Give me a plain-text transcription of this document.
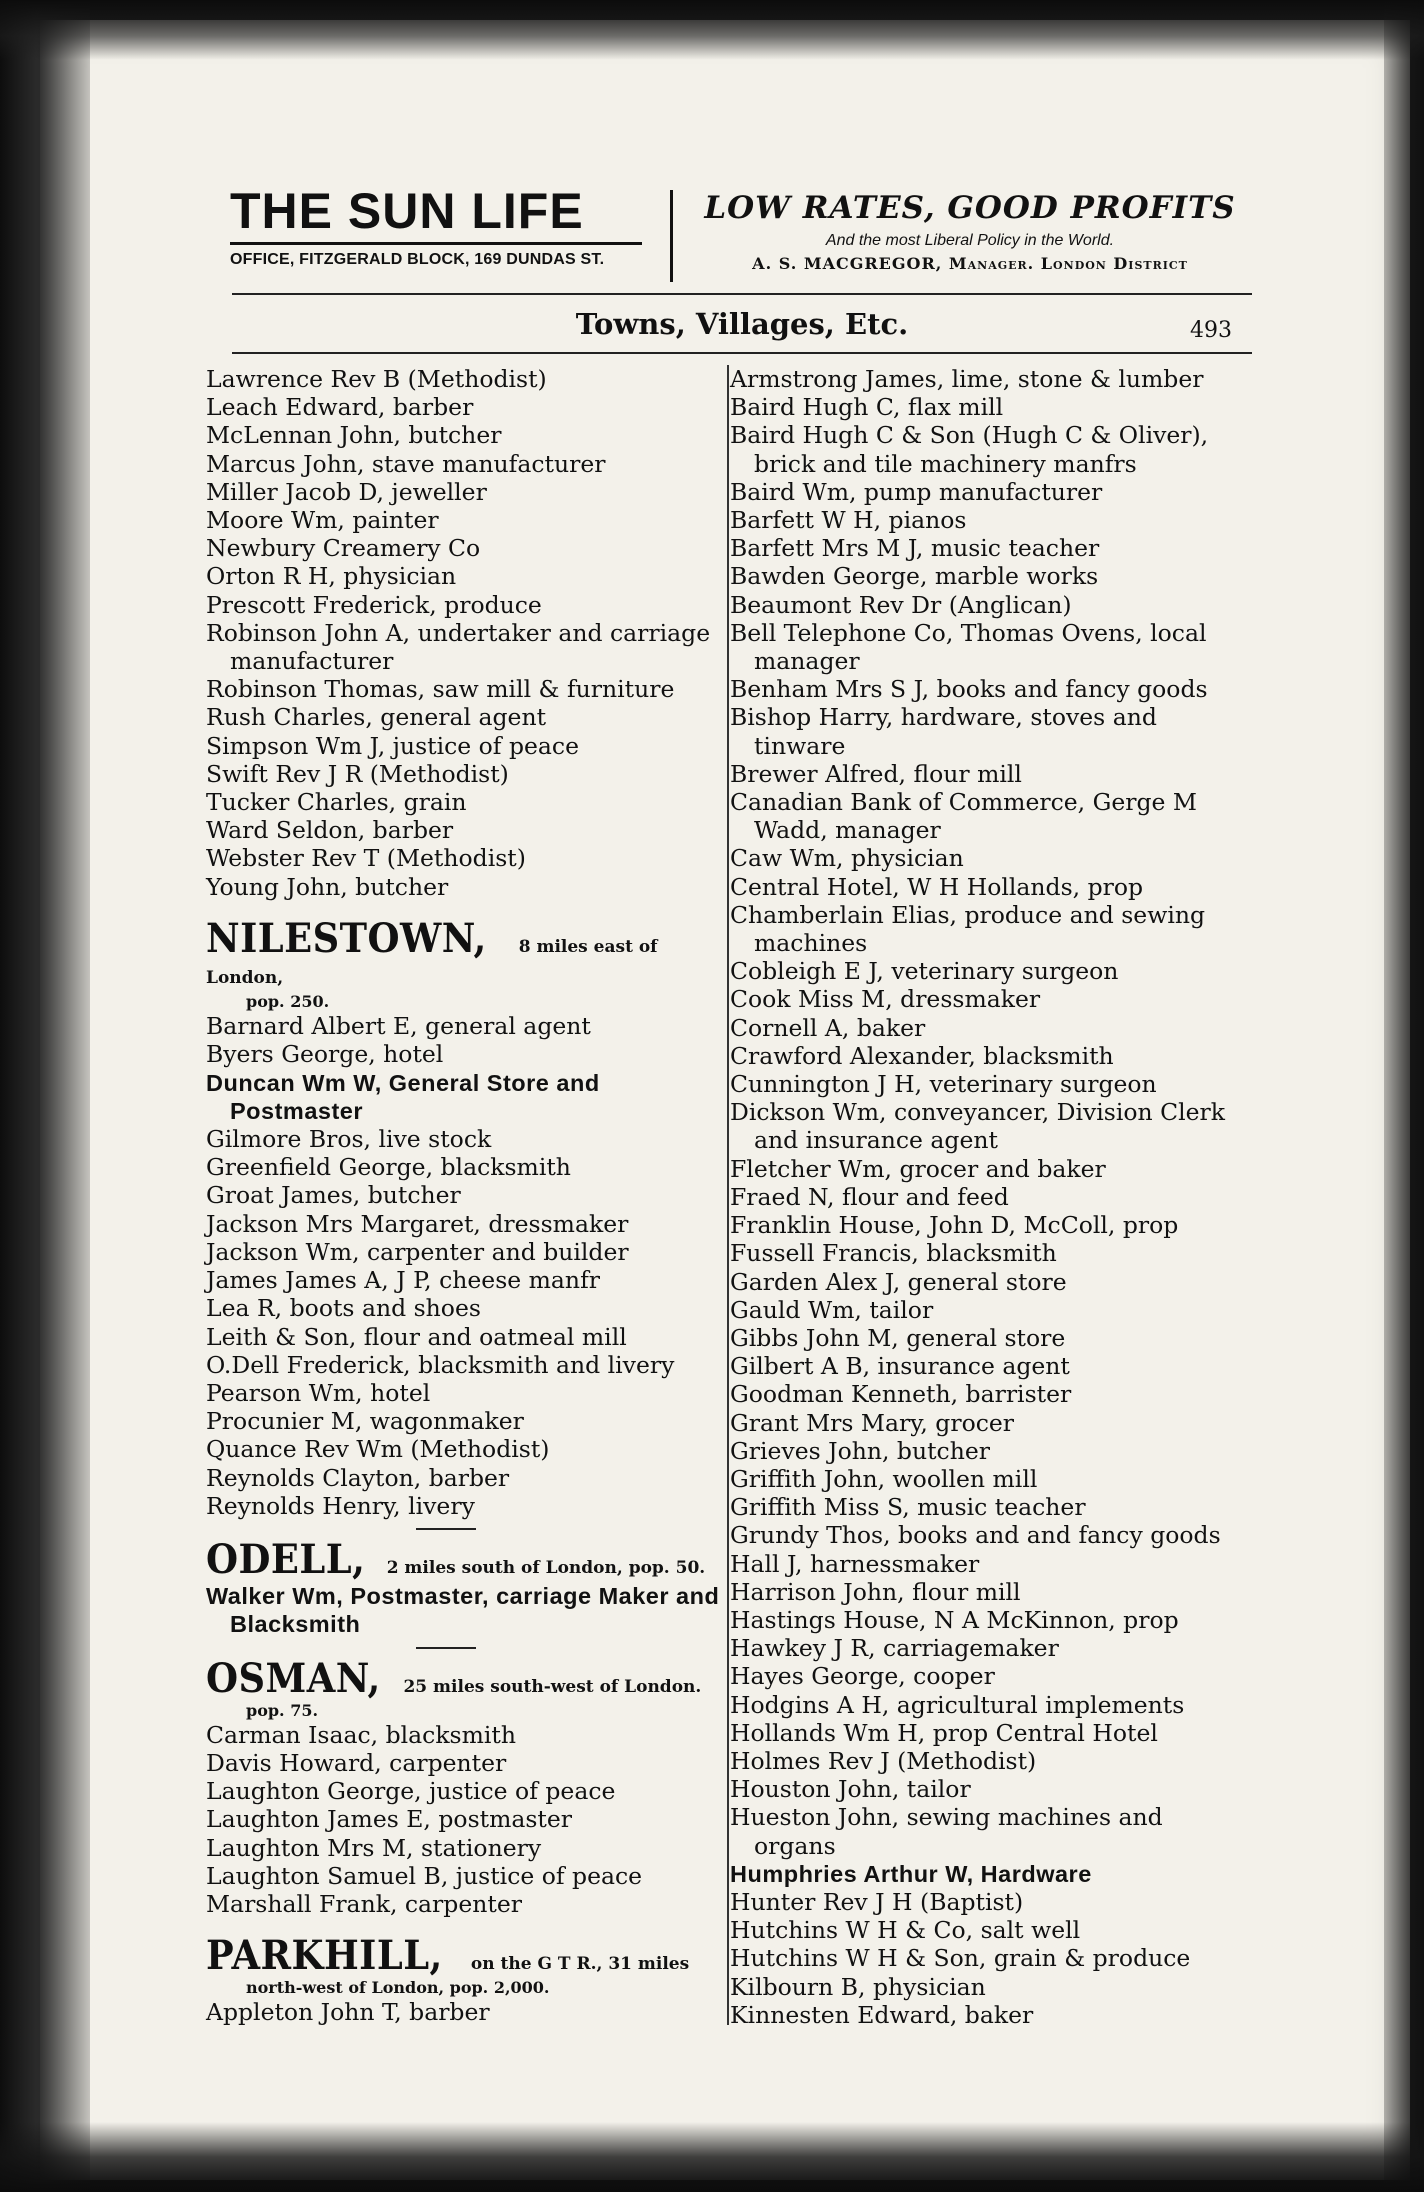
THE SUN LIFE
OFFICE, FITZGERALD BLOCK, 169 DUNDAS ST.
LOW RATES, GOOD PROFITS
And the most Liberal Policy in the World.
A. S. MACGREGOR, Manager. London District
Towns, Villages, Etc.	493
Lawrence Rev B (Methodist)
Leach Edward, barber
McLennan John, butcher
Marcus John, stave manufacturer
Miller Jacob D, jeweller
Moore Wm, painter
Newbury Creamery Co
Orton R H, physician
Prescott Frederick, produce
Robinson John A, undertaker and carriage manufacturer
Robinson Thomas, saw mill & furniture
Rush Charles, general agent
Simpson Wm J, justice of peace
Swift Rev J R (Methodist)
Tucker Charles, grain
Ward Seldon, barber
Webster Rev T (Methodist)
Young John, butcher
NILESTOWN, 8 miles east of London,
pop. 250.
Barnard Albert E, general agent
Byers George, hotel
Duncan Wm W, General Store and Postmaster
Gilmore Bros, live stock
Greenfield George, blacksmith
Groat James, butcher
Jackson Mrs Margaret, dressmaker
Jackson Wm, carpenter and builder
James James A, J P, cheese manfr
Lea R, boots and shoes
Leith & Son, flour and oatmeal mill
O.Dell Frederick, blacksmith and livery
Pearson Wm, hotel
Procunier M, wagonmaker
Quance Rev Wm (Methodist)
Reynolds Clayton, barber
Reynolds Henry, livery
ODELL, 2 miles south of London, pop. 50.
Walker Wm, Postmaster, carriage Maker and Blacksmith
OSMAN, 25 miles south-west of London.
pop. 75.
Carman Isaac, blacksmith
Davis Howard, carpenter
Laughton George, justice of peace
Laughton James E, postmaster
Laughton Mrs M, stationery
Laughton Samuel B, justice of peace
Marshall Frank, carpenter
PARKHILL, on the G T R., 31 miles
north-west of London, pop. 2,000.
Appleton John T, barber
Armstrong James, lime, stone & lumber
Baird Hugh C, flax mill
Baird Hugh C & Son (Hugh C & Oliver), brick and tile machinery manfrs
Baird Wm, pump manufacturer
Barfett W H, pianos
Barfett Mrs M J, music teacher
Bawden George, marble works
Beaumont Rev Dr (Anglican)
Bell Telephone Co, Thomas Ovens, local manager
Benham Mrs S J, books and fancy goods
Bishop Harry, hardware, stoves and tinware
Brewer Alfred, flour mill
Canadian Bank of Commerce, Gerge M Wadd, manager
Caw Wm, physician
Central Hotel, W H Hollands, prop
Chamberlain Elias, produce and sewing machines
Cobleigh E J, veterinary surgeon
Cook Miss M, dressmaker
Cornell A, baker
Crawford Alexander, blacksmith
Cunnington J H, veterinary surgeon
Dickson Wm, conveyancer, Division Clerk and insurance agent
Fletcher Wm, grocer and baker
Fraed N, flour and feed
Franklin House, John D, McColl, prop
Fussell Francis, blacksmith
Garden Alex J, general store
Gauld Wm, tailor
Gibbs John M, general store
Gilbert A B, insurance agent
Goodman Kenneth, barrister
Grant Mrs Mary, grocer
Grieves John, butcher
Griffith John, woollen mill
Griffith Miss S, music teacher
Grundy Thos, books and and fancy goods
Hall J, harnessmaker
Harrison John, flour mill
Hastings House, N A McKinnon, prop
Hawkey J R, carriagemaker
Hayes George, cooper
Hodgins A H, agricultural implements
Hollands Wm H, prop Central Hotel
Holmes Rev J (Methodist)
Houston John, tailor
Hueston John, sewing machines and organs
Humphries Arthur W, Hardware
Hunter Rev J H (Baptist)
Hutchins W H & Co, salt well
Hutchins W H & Son, grain & produce
Kilbourn B, physician
Kinnesten Edward, baker
